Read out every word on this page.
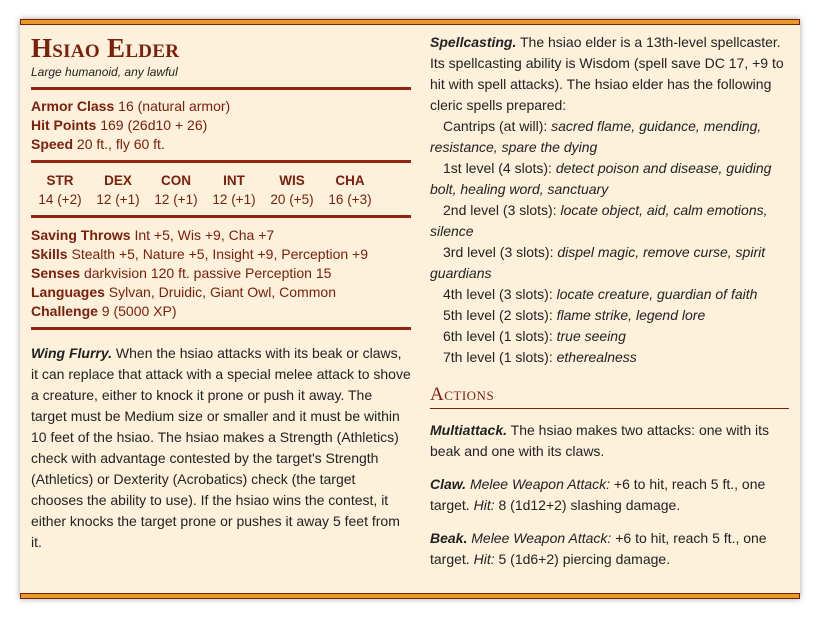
Hsiao Elder

Large humanoid, any lawful

Armor Class 16 (natural armor)
Hit Points 169 (26d10 + 26)
Speed 20 ft., fly 60 ft.
STR
14 (+2)
DEX
12 (+1)
CON
12 (+1)
INT
12 (+1)
WIS
20 (+5)
CHA
16 (+3)
Saving Throws Int +5, Wis +9, Cha +7
Skills Stealth +5, Nature +5, Insight +9, Perception +9
Senses darkvision 120 ft. passive Perception 15
Languages Sylvan, Druidic, Giant Owl, Common
Challenge 9 (5000 XP)

Wing Flurry. When the hsiao attacks with its beak or claws, it can replace that attack with a special melee attack to shove a creature, either to knock it prone or push it away. The target must be Medium size or smaller and it must be within 10 feet of the hsiao. The hsiao makes a Strength (Athletics) check with advantage contested by the target's Strength (Athletics) or Dexterity (Acrobatics) check (the target chooses the ability to use). If the hsiao wins the contest, it either knocks the target prone or pushes it away 5 feet from it.

Spellcasting. The hsiao elder is a 13th-level spellcaster. Its spellcasting ability is Wisdom (spell save DC 17, +9 to hit with spell attacks). The hsiao elder has the following cleric spells prepared:

Cantrips (at will): sacred flame, guidance, mending, resistance, spare the dying
1st level (4 slots): detect poison and disease, guiding bolt, healing word, sanctuary
2nd level (3 slots): locate object, aid, calm emotions, silence
3rd level (3 slots): dispel magic, remove curse, spirit guardians
4th level (3 slots): locate creature, guardian of faith
5th level (2 slots): flame strike, legend lore
6th level (1 slots): true seeing
7th level (1 slots): etherealness
Actions

Multiattack. The hsiao makes two attacks: one with its beak and one with its claws.

Claw. Melee Weapon Attack: +6 to hit, reach 5 ft., one target. Hit: 8 (1d12+2) slashing damage.

Beak. Melee Weapon Attack: +6 to hit, reach 5 ft., one target. Hit: 5 (1d6+2) piercing damage.
